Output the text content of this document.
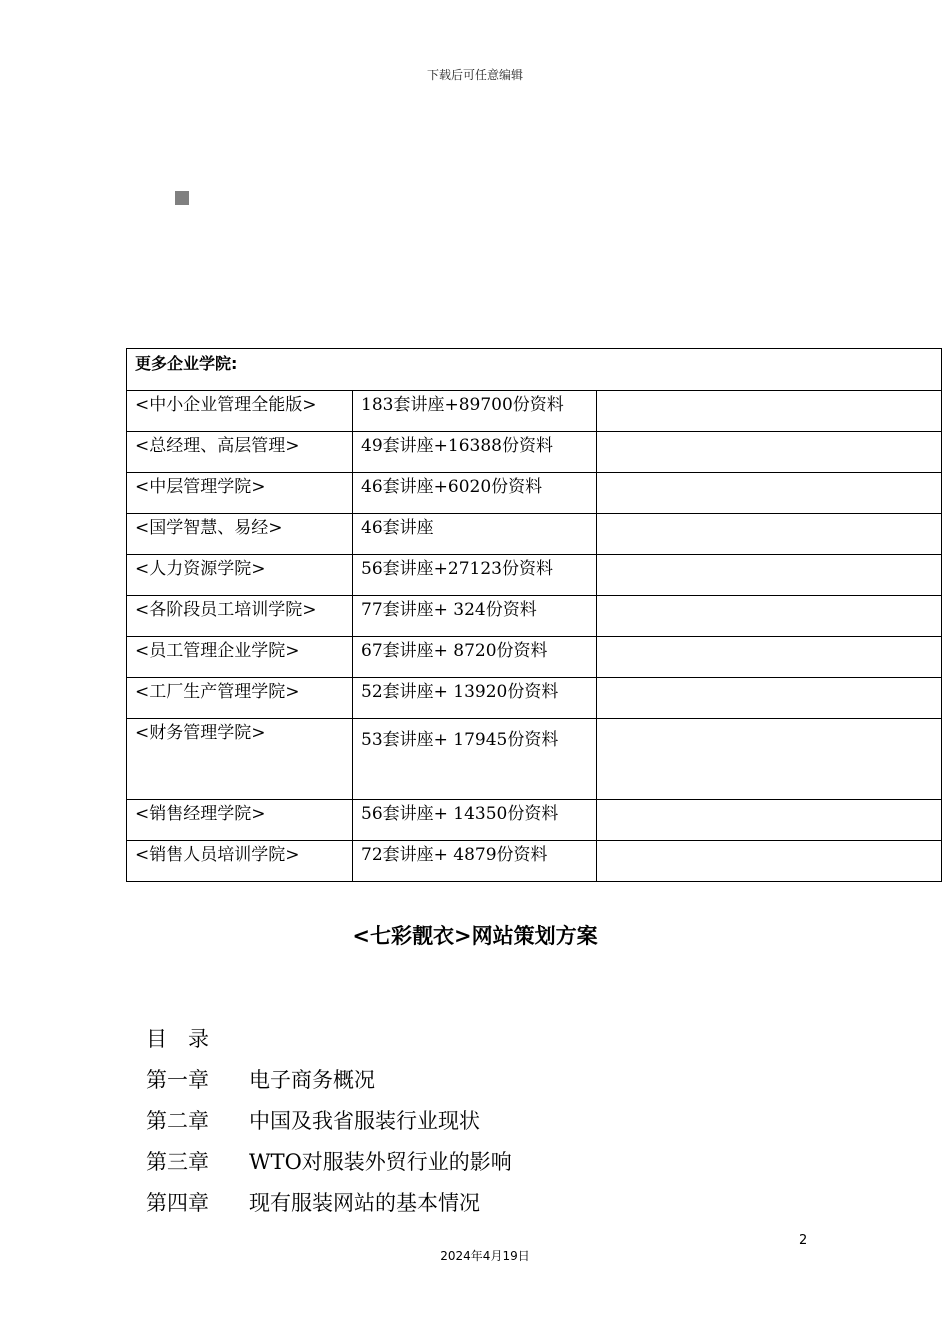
下载后可任意编辑
更多企业学院:		
<中小企业管理全能版>	183套讲座+89700份资料	
<总经理、高层管理>	49套讲座+16388份资料	
<中层管理学院>	46套讲座+6020份资料	
<国学智慧、易经>	46套讲座	
<人力资源学院>	56套讲座+27123份资料	
<各阶段员工培训学院>	77套讲座+ 324份资料	
<员工管理企业学院>	67套讲座+ 8720份资料	
<工厂生产管理学院>	52套讲座+ 13920份资料	
<财务管理学院>	53套讲座+ 17945份资料	
<销售经理学院>	56套讲座+ 14350份资料	
<销售人员培训学院>	72套讲座+ 4879份资料	
<七彩靓衣>网站策划方案
目　录
第一章 电子商务概况
第二章 中国及我省服装行业现状
第三章 WTO对服装外贸行业的影响
第四章 现有服装网站的基本情况
2
2024年4月19日
